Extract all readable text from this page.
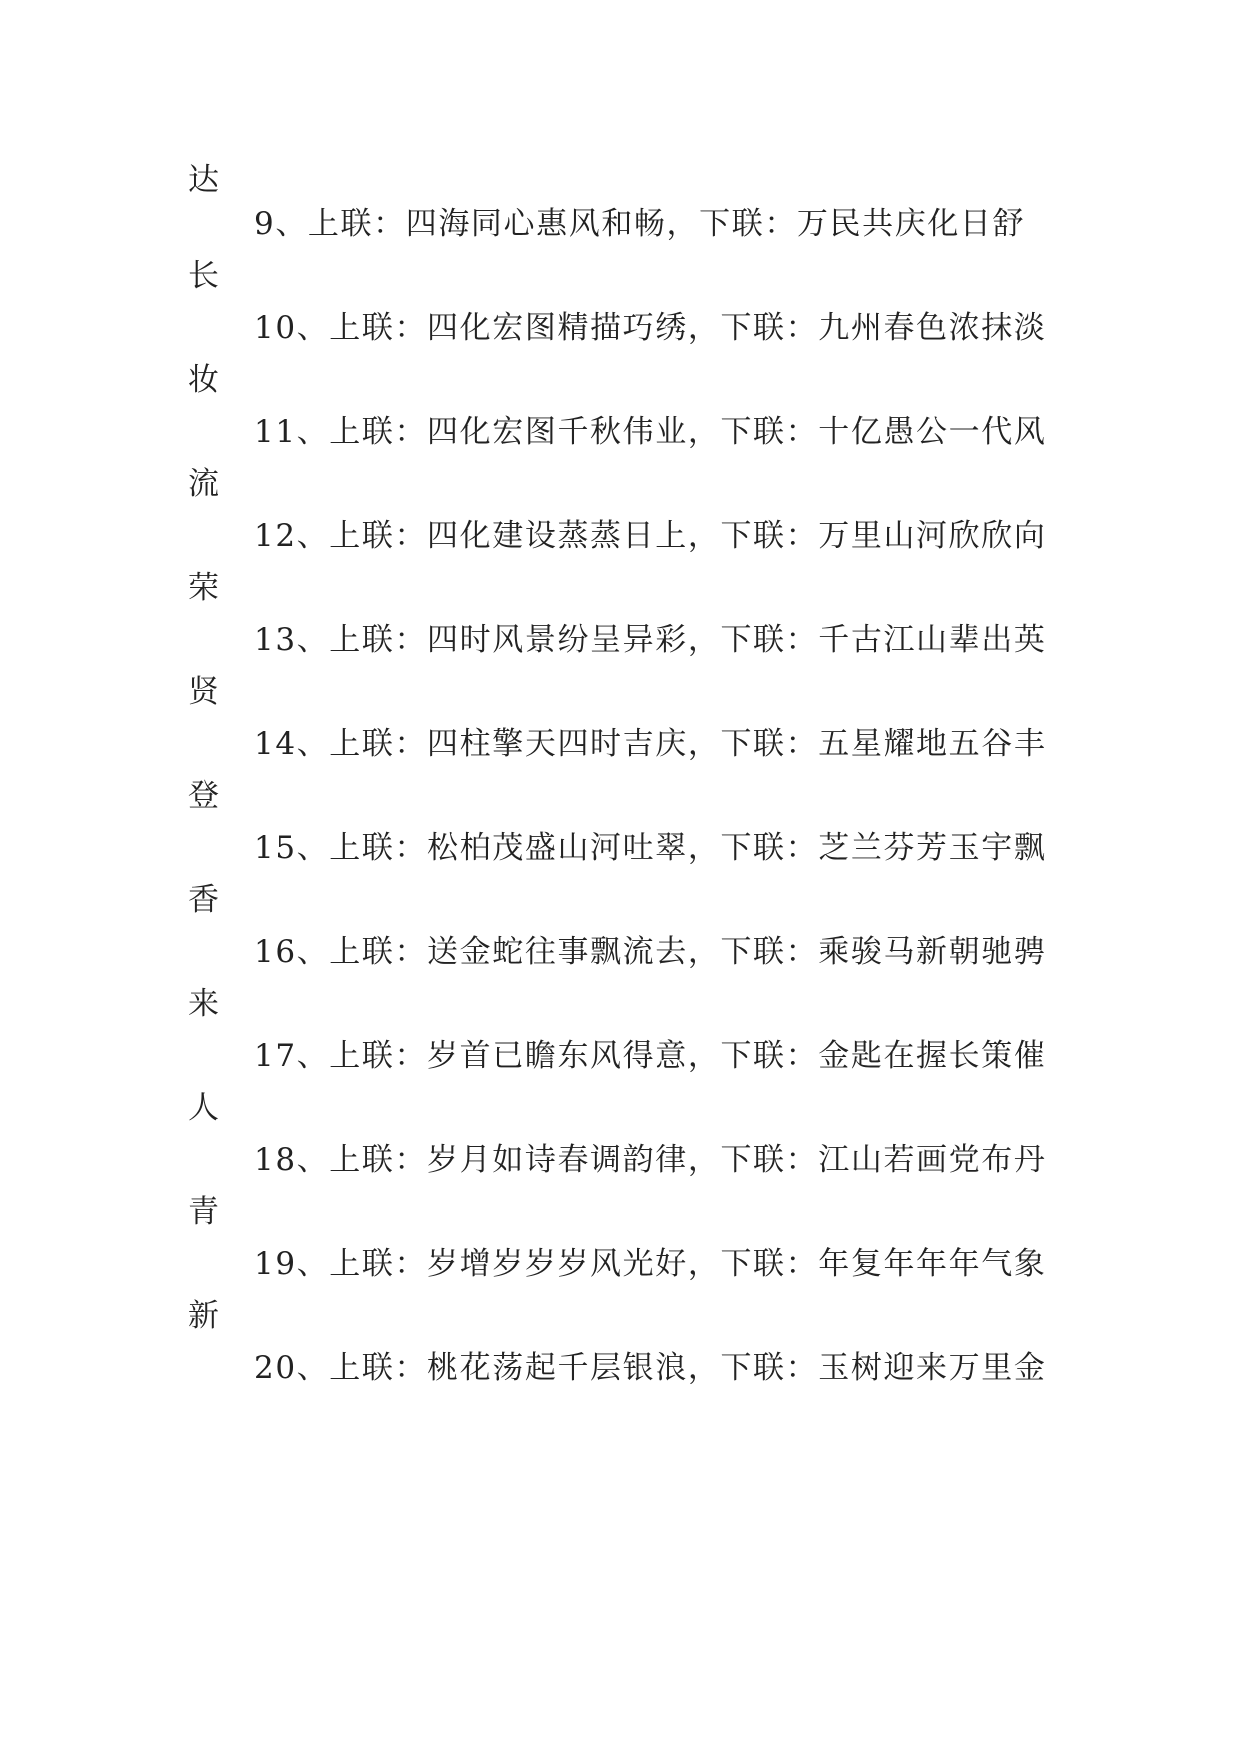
达
9、上联：四海同心惠风和畅，下联：万民共庆化日舒
长
10、上联：四化宏图精描巧绣，下联：九州春色浓抹淡
妆
11、上联：四化宏图千秋伟业，下联：十亿愚公一代风
流
12、上联：四化建设蒸蒸日上，下联：万里山河欣欣向
荣
13、上联：四时风景纷呈异彩，下联：千古江山辈出英
贤
14、上联：四柱擎天四时吉庆，下联：五星耀地五谷丰
登
15、上联：松柏茂盛山河吐翠，下联：芝兰芬芳玉宇飘
香
16、上联：送金蛇往事飘流去，下联：乘骏马新朝驰骋
来
17、上联：岁首已瞻东风得意，下联：金匙在握长策催
人
18、上联：岁月如诗春调韵律，下联：江山若画党布丹
青
19、上联：岁增岁岁岁风光好，下联：年复年年年气象
新
20、上联：桃花荡起千层银浪，下联：玉树迎来万里金
